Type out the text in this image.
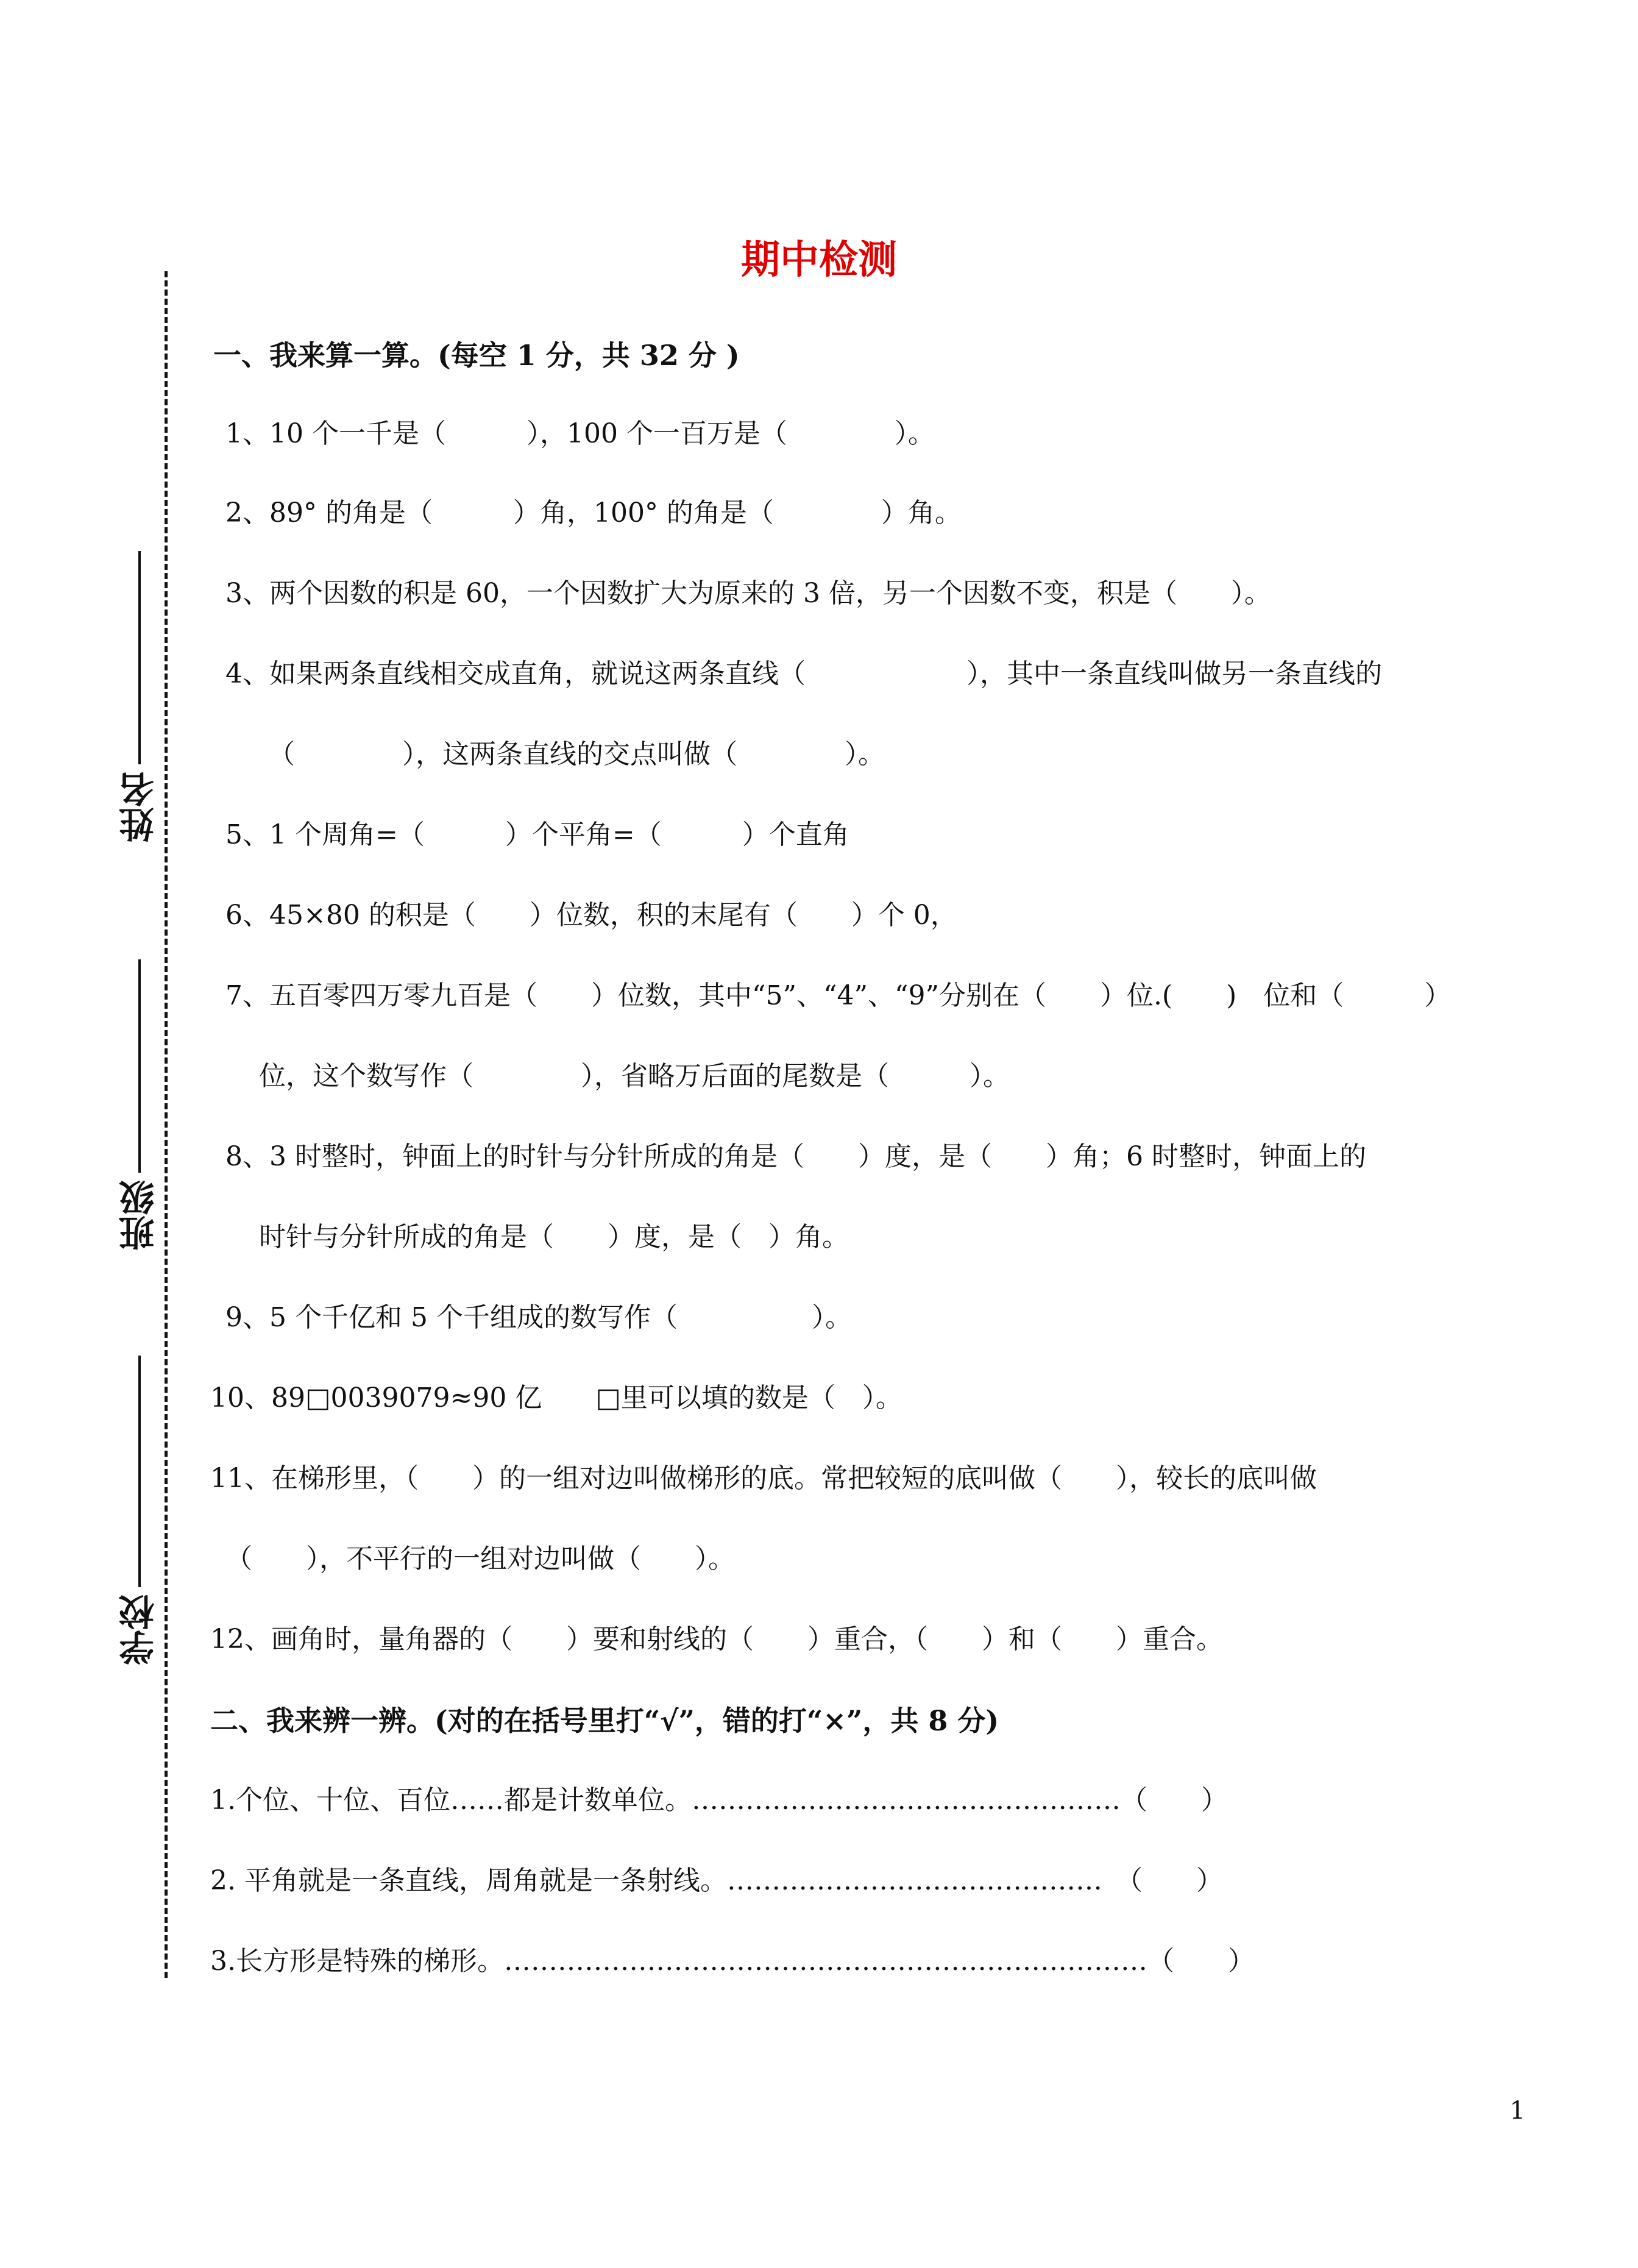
期中检测
姓名
班级
学校
一、我来算一算。(每空 1 分，共 32 分 )
1、10 个一千是（　　　），100 个一百万是（　　　　）。
2、89° 的角是（　　　）角，100° 的角是（　　　　）角。
3、两个因数的积是 60，一个因数扩大为原来的 3 倍，另一个因数不变，积是（　　）。
4、如果两条直线相交成直角，就说这两条直线（　　　　　　），其中一条直线叫做另一条直线的
（　　　　），这两条直线的交点叫做（　　　　）。
5、1 个周角=（　　　）个平角=（　　　）个直角
6、45×80 的积是（　　）位数，积的末尾有（　　）个 0，
7、五百零四万零九百是（　　）位数，其中“5”、“4”、“9”分别在（　　）位.(　　)　位和（　　　）
位，这个数写作（　　　　），省略万后面的尾数是（　　　）。
8、3 时整时，钟面上的时针与分针所成的角是（　　）度，是（　　）角；6 时整时，钟面上的
时针与分针所成的角是（　　）度，是（　）角。
9、5 个千亿和 5 个千组成的数写作（　　　　　）。
10、89□0039079≈90 亿　　□里可以填的数是（　）。
11、在梯形里，（　　）的一组对边叫做梯形的底。常把较短的底叫做（　　），较长的底叫做
（　　），不平行的一组对边叫做（　　）。
12、画角时，量角器的（　　）要和射线的（　　）重合，（　　）和（　　）重合。
二、我来辨一辨。(对的在括号里打“√”，错的打“×”，共 8 分)
1.个位、十位、百位……都是计数单位。…………………………………………（　　）
2. 平角就是一条直线，周角就是一条射线。……………………………………　（　　）
3.长方形是特殊的梯形。………………………………………………………………（　　）
1
